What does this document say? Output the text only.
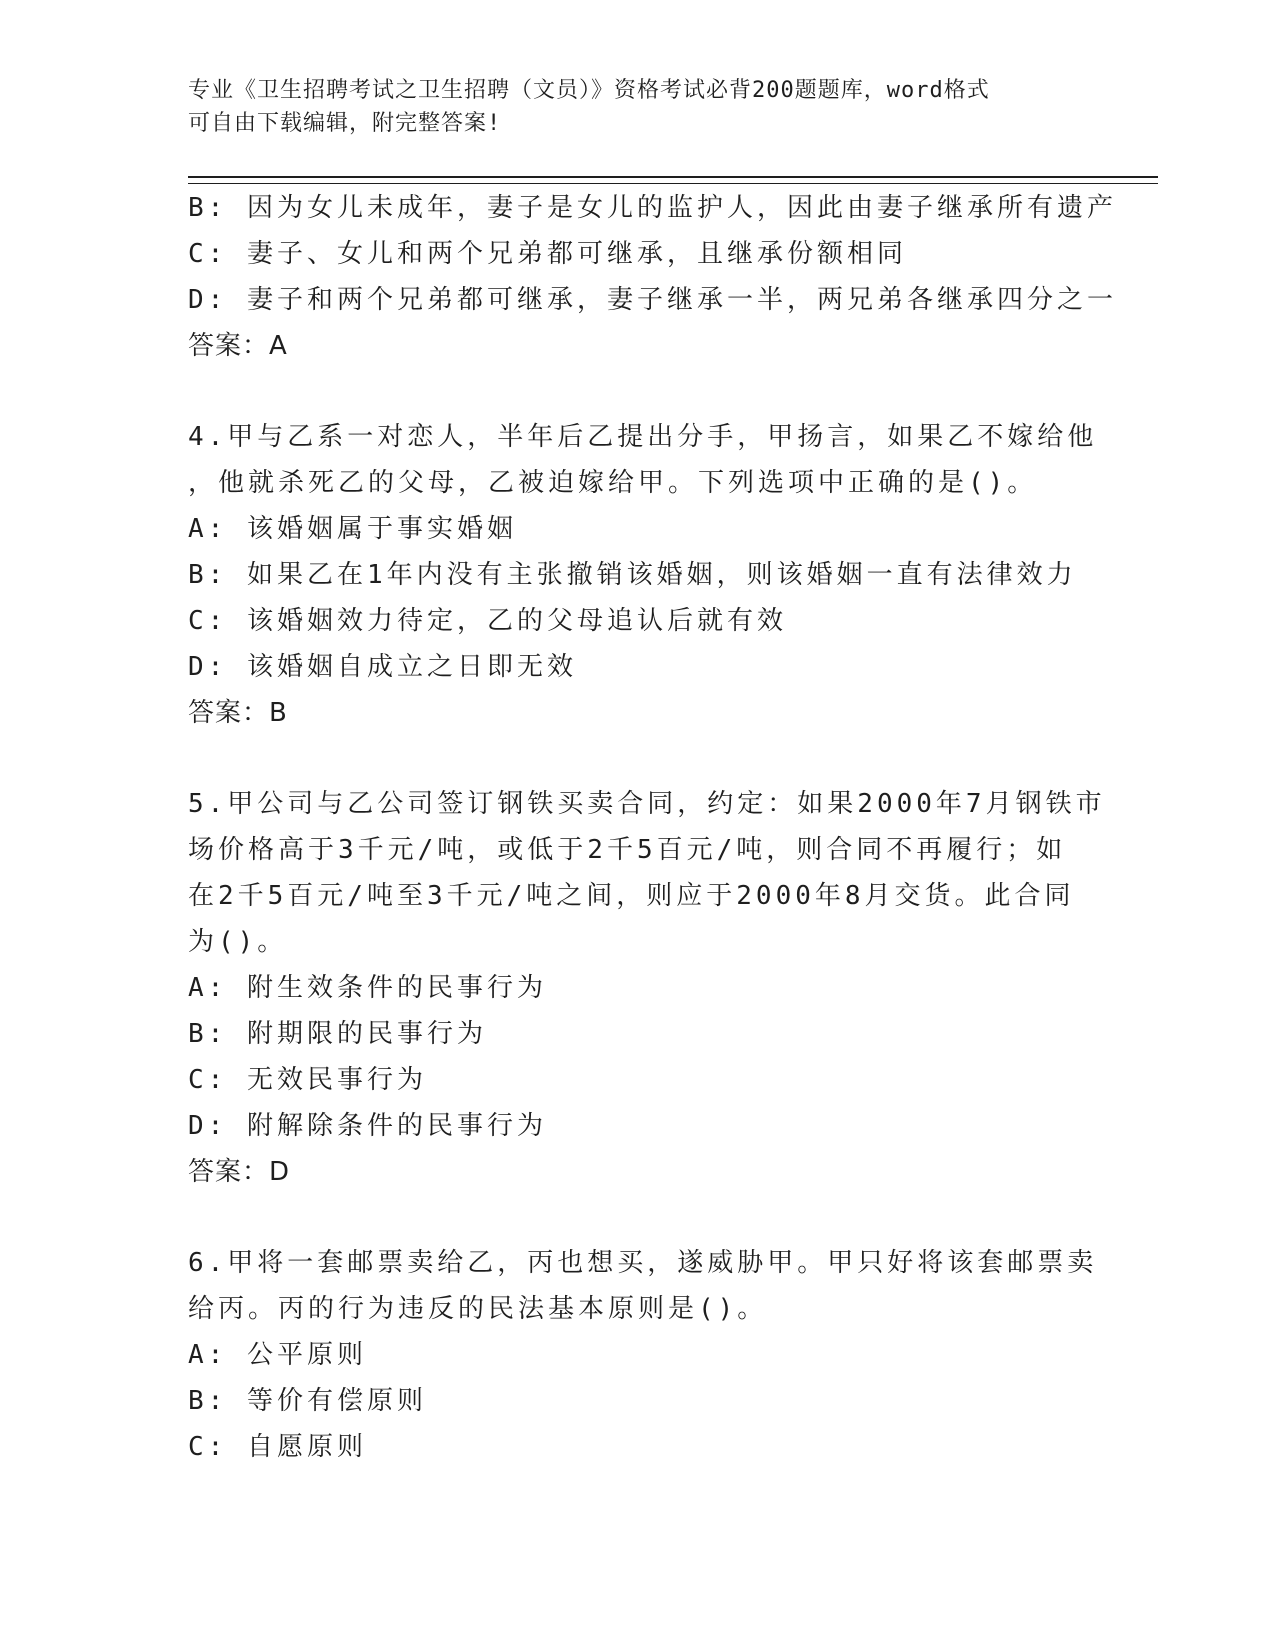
专业《卫生招聘考试之卫生招聘（文员）》资格考试必背200题题库，word格式
可自由下载编辑，附完整答案!
B: 因为女儿未成年，妻子是女儿的监护人，因此由妻子继承所有遗产
C: 妻子、女儿和两个兄弟都可继承，且继承份额相同
D: 妻子和两个兄弟都可继承，妻子继承一半，两兄弟各继承四分之一
答案：A
4.甲与乙系一对恋人，半年后乙提出分手，甲扬言，如果乙不嫁给他
，他就杀死乙的父母，乙被迫嫁给甲。下列选项中正确的是()。
A: 该婚姻属于事实婚姻
B: 如果乙在1年内没有主张撤销该婚姻，则该婚姻一直有法律效力
C: 该婚姻效力待定，乙的父母追认后就有效
D: 该婚姻自成立之日即无效
答案：B
5.甲公司与乙公司签订钢铁买卖合同，约定：如果2000年7月钢铁市
场价格高于3千元/吨，或低于2千5百元/吨，则合同不再履行；如
在2千5百元/吨至3千元/吨之间，则应于2000年8月交货。此合同
为()。
A: 附生效条件的民事行为
B: 附期限的民事行为
C: 无效民事行为
D: 附解除条件的民事行为
答案：D
6.甲将一套邮票卖给乙，丙也想买，遂威胁甲。甲只好将该套邮票卖
给丙。丙的行为违反的民法基本原则是()。
A: 公平原则
B: 等价有偿原则
C: 自愿原则
